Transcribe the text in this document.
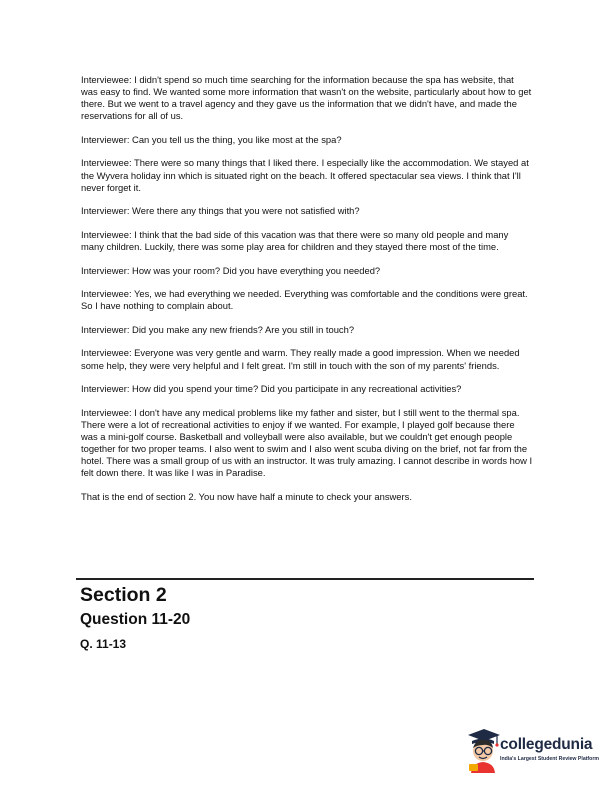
Interviewee: I didn't spend so much time searching for the information because the spa has website, that was easy to find. We wanted some more information that wasn't on the website, particularly about how to get there. But we went to a travel agency and they gave us the information that we didn't have, and made the reservations for all of us.

Interviewer: Can you tell us the thing, you like most at the spa?

Interviewee: There were so many things that I liked there. I especially like the accommodation. We stayed at the Wyvera holiday inn which is situated right on the beach. It offered spectacular sea views. I think that I'll never forget it.

Interviewer: Were there any things that you were not satisfied with?

Interviewee: I think that the bad side of this vacation was that there were so many old people and many many children. Luckily, there was some play area for children and they stayed there most of the time.

Interviewer: How was your room? Did you have everything you needed?

Interviewee: Yes, we had everything we needed. Everything was comfortable and the conditions were great. So I have nothing to complain about.

Interviewer: Did you make any new friends? Are you still in touch?

Interviewee: Everyone was very gentle and warm. They really made a good impression. When we needed some help, they were very helpful and I felt great. I'm still in touch with the son of my parents' friends.

Interviewer: How did you spend your time? Did you participate in any recreational activities?

Interviewee: I don't have any medical problems like my father and sister, but I still went to the thermal spa. There were a lot of recreational activities to enjoy if we wanted. For example, I played golf because there was a mini-golf course. Basketball and volleyball were also available, but we couldn't get enough people together for two proper teams. I also went to swim and I also went scuba diving on the brief, not far from the hotel. There was a small group of us with an instructor. It was truly amazing. I cannot describe in words how I felt down there. It was like I was in Paradise.

That is the end of section 2. You now have half a minute to check your answers.

Section 2
Question 11-20
Q. 11-13
collegedunia
India's Largest Student Review Platform
